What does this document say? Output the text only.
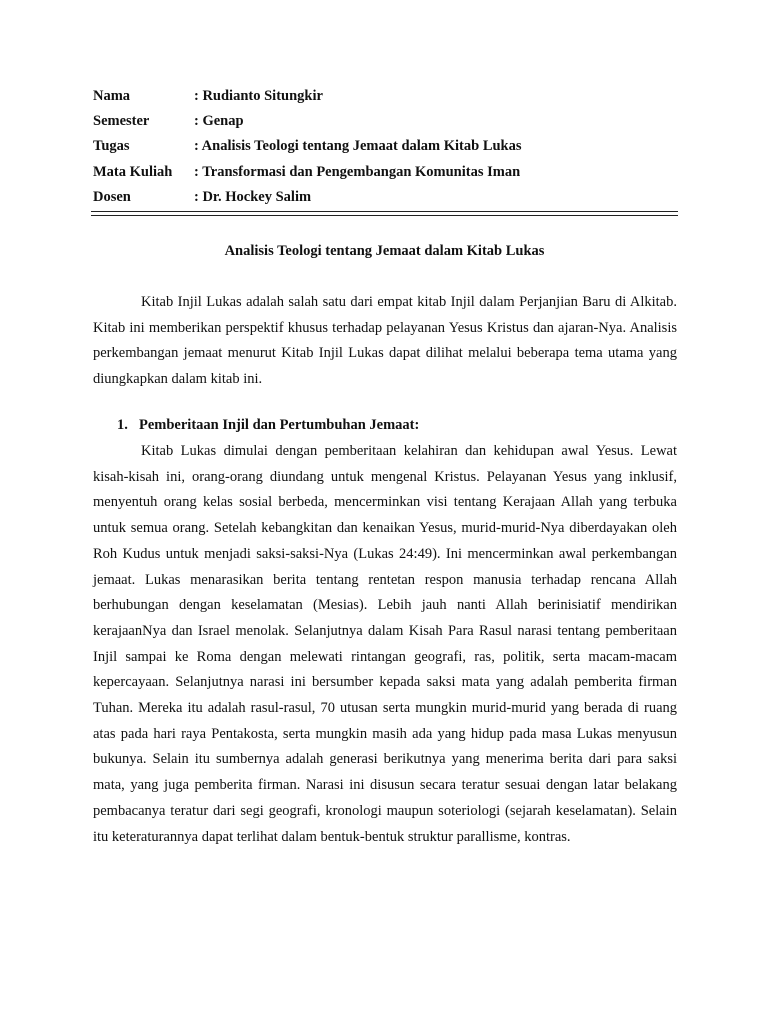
Nama	: Rudianto Situngkir
Semester	: Genap
Tugas	: Analisis Teologi tentang Jemaat dalam Kitab Lukas
Mata Kuliah	: Transformasi dan Pengembangan Komunitas Iman
Dosen	: Dr. Hockey Salim
Analisis Teologi tentang Jemaat dalam Kitab Lukas

Kitab Injil Lukas adalah salah satu dari empat kitab Injil dalam Perjanjian Baru di Alkitab. Kitab ini memberikan perspektif khusus terhadap pelayanan Yesus Kristus dan ajaran-Nya. Analisis perkembangan jemaat menurut Kitab Injil Lukas dapat dilihat melalui beberapa tema utama yang diungkapkan dalam kitab ini.

1. Pemberitaan Injil dan Pertumbuhan Jemaat:

Kitab Lukas dimulai dengan pemberitaan kelahiran dan kehidupan awal Yesus. Lewat kisah-kisah ini, orang-orang diundang untuk mengenal Kristus. Pelayanan Yesus yang inklusif, menyentuh orang kelas sosial berbeda, mencerminkan visi tentang Kerajaan Allah yang terbuka untuk semua orang. Setelah kebangkitan dan kenaikan Yesus, murid-murid-Nya diberdayakan oleh Roh Kudus untuk menjadi saksi-saksi-Nya (Lukas 24:49). Ini mencerminkan awal perkembangan jemaat. Lukas menarasikan berita tentang rentetan respon manusia terhadap rencana Allah berhubungan dengan keselamatan (Mesias). Lebih jauh nanti Allah berinisiatif mendirikan kerajaanNya dan Israel menolak. Selanjutnya dalam Kisah Para Rasul narasi tentang pemberitaan Injil sampai ke Roma dengan melewati rintangan geografi, ras, politik, serta macam-macam kepercayaan. Selanjutnya narasi ini bersumber kepada saksi mata yang adalah pemberita firman Tuhan. Mereka itu adalah rasul-rasul, 70 utusan serta mungkin murid-murid yang berada di ruang atas pada hari raya Pentakosta, serta mungkin masih ada yang hidup pada masa Lukas menyusun bukunya. Selain itu sumbernya adalah generasi berikutnya yang menerima berita dari para saksi mata, yang juga pemberita firman. Narasi ini disusun secara teratur sesuai dengan latar belakang pembacanya teratur dari segi geografi, kronologi maupun soteriologi (sejarah keselamatan). Selain itu keteraturannya dapat terlihat dalam bentuk-bentuk struktur parallisme, kontras.
